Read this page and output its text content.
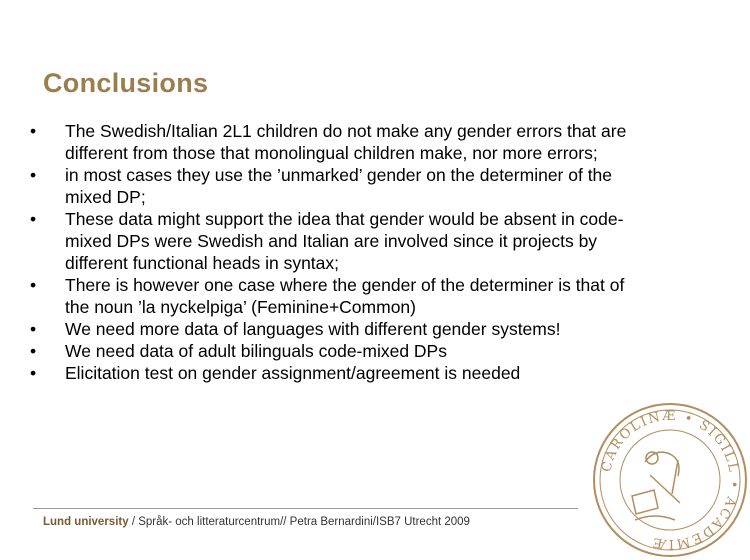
Conclusions
• The Swedish/Italian 2L1 children do not make any gender errors that are different from those that monolingual children make, nor more errors;
• in most cases they use the ’unmarked’ gender on the determiner of the mixed DP;
• These data might support the idea that gender would be absent in code-mixed DPs were Swedish and Italian are involved since it projects by different functional heads in syntax;
• There is however one case where the gender of the determiner is that of the noun ’la nyckelpiga’ (Feminine+Common)
• We need more data of languages with different gender systems!
• We need data of adult bilinguals code-mixed DPs
• Elicitation test on gender assignment/agreement is needed
Lund university / Språk- och litteraturcentrum// Petra Bernardini/ISB7 Utrecht 2009
CAROLINÆ • SIGILL • ACADEMIÆ
